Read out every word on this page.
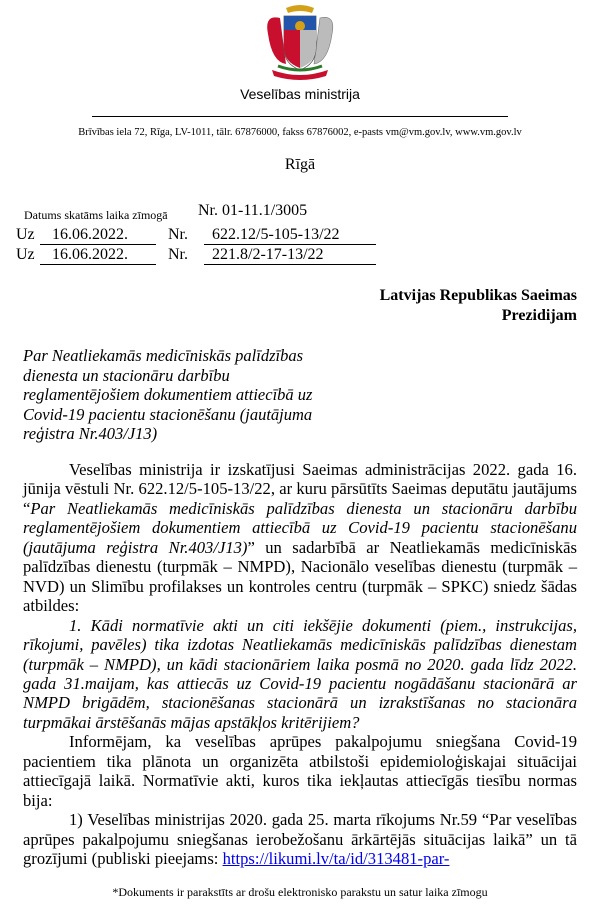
Veselības ministrija
Brīvības iela 72, Rīga, LV-1011, tālr. 67876000, fakss 67876002, e-pasts vm@vm.gov.lv, www.vm.gov.lv
Rīgā
Datums skatāms laika zīmogā Nr. 01-11.1/3005
Uz	16.06.2022.	Nr.	622.12/5-105-13/22
Uz	16.06.2022.	Nr.	221.8/2-17-13/22
Latvijas Republikas Saeimas
Prezidijam
Par Neatliekamās medicīniskās palīdzības dienesta un stacionāru darbību reglamentējošiem dokumentiem attiecībā uz Covid-19 pacientu stacionēšanu (jautājuma reģistra Nr.403/J13)

Veselības ministrija ir izskatījusi Saeimas administrācijas 2022. gada 16. jūnija vēstuli Nr. 622.12/5-105-13/22, ar kuru pārsūtīts Saeimas deputātu jautājums “Par Neatliekamās medicīniskās palīdzības dienesta un stacionāru darbību reglamentējošiem dokumentiem attiecībā uz Covid-19 pacientu stacionēšanu (jautājuma reģistra Nr.403/J13)” un sadarbībā ar Neatliekamās medicīniskās palīdzības dienestu (turpmāk – NMPD), Nacionālo veselības dienestu (turpmāk – NVD) un Slimību profilakses un kontroles centru (turpmāk – SPKC) sniedz šādas atbildes:

1. Kādi normatīvie akti un citi iekšējie dokumenti (piem., instrukcijas, rīkojumi, pavēles) tika izdotas Neatliekamās medicīniskās palīdzības dienestam (turpmāk – NMPD), un kādi stacionāriem laika posmā no 2020. gada līdz 2022. gada 31.maijam, kas attiecās uz Covid-19 pacientu nogādāšanu stacionārā ar NMPD brigādēm, stacionēšanas stacionārā un izrakstīšanas no stacionāra turpmākai ārstēšanās mājas apstākļos kritērijiem?

Informējam, ka veselības aprūpes pakalpojumu sniegšana Covid-19 pacientiem tika plānota un organizēta atbilstoši epidemioloģiskajai situācijai attiecīgajā laikā. Normatīvie akti, kuros tika iekļautas attiecīgās tiesību normas bija:

1) Veselības ministrijas 2020. gada 25. marta rīkojums Nr.59 “Par veselības aprūpes pakalpojumu sniegšanas ierobežošanu ārkārtējās situācijas laikā” un tā grozījumi (publiski pieejams: https://likumi.lv/ta/id/313481-par-

*Dokuments ir parakstīts ar drošu elektronisko parakstu un satur laika zīmogu
